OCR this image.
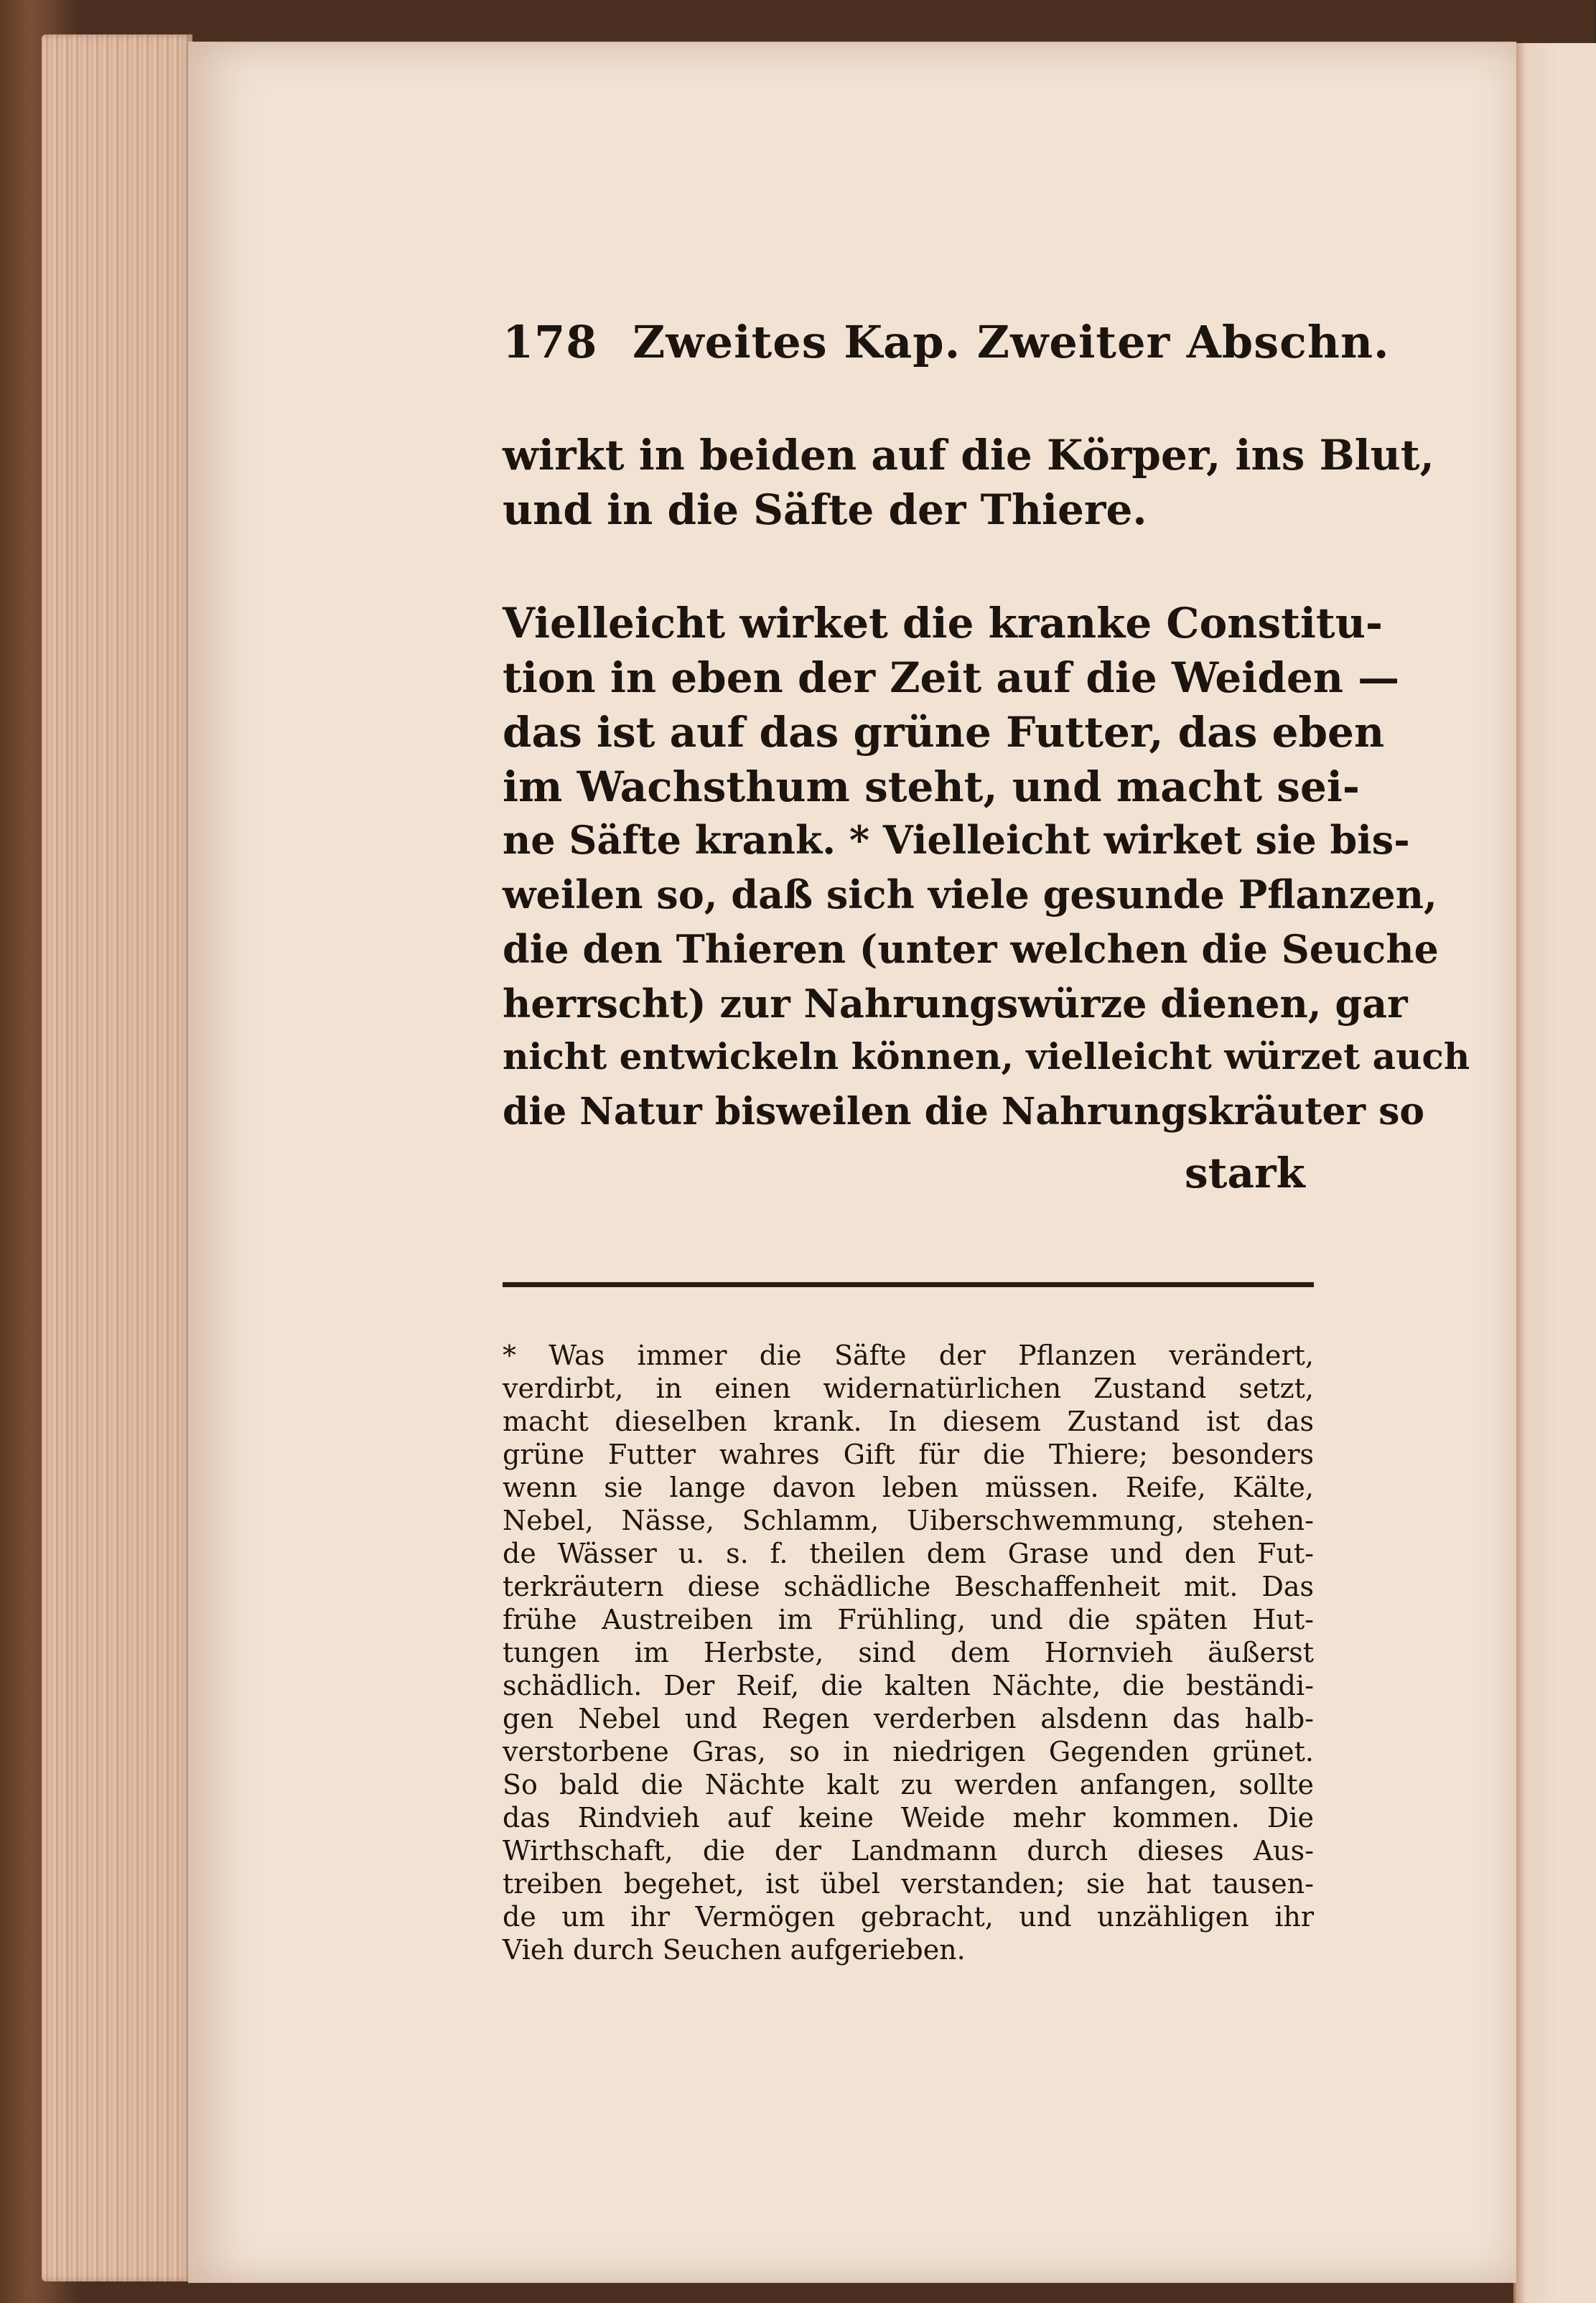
178 Zweites Kap. Zweiter Abschn.
wirkt in beiden auf die Körper, ins Blut,
und in die Säfte der Thiere.
Vielleicht wirket die kranke Constitu-
tion in eben der Zeit auf die Weiden —
das ist auf das grüne Futter, das eben
im Wachsthum steht, und macht sei-
ne Säfte krank. * Vielleicht wirket sie bis-
weilen so, daß sich viele gesunde Pflanzen,
die den Thieren (unter welchen die Seuche
herrscht) zur Nahrungswürze dienen, gar
nicht entwickeln können, vielleicht würzet auch
die Natur bisweilen die Nahrungskräuter so
stark
* Was immer die Säfte der Pflanzen verändert,
verdirbt, in einen widernatürlichen Zustand setzt,
macht dieselben krank. In diesem Zustand ist das
grüne Futter wahres Gift für die Thiere; besonders
wenn sie lange davon leben müssen. Reife, Kälte,
Nebel, Nässe, Schlamm, Uiberschwemmung, stehen-
de Wässer u. s. f. theilen dem Grase und den Fut-
terkräutern diese schädliche Beschaffenheit mit. Das
frühe Austreiben im Frühling, und die späten Hut-
tungen im Herbste, sind dem Hornvieh äußerst
schädlich. Der Reif, die kalten Nächte, die beständi-
gen Nebel und Regen verderben alsdenn das halb-
verstorbene Gras, so in niedrigen Gegenden grünet.
So bald die Nächte kalt zu werden anfangen, sollte
das Rindvieh auf keine Weide mehr kommen. Die
Wirthschaft, die der Landmann durch dieses Aus-
treiben begehet, ist übel verstanden; sie hat tausen-
de um ihr Vermögen gebracht, und unzähligen ihr
Vieh durch Seuchen aufgerieben.
